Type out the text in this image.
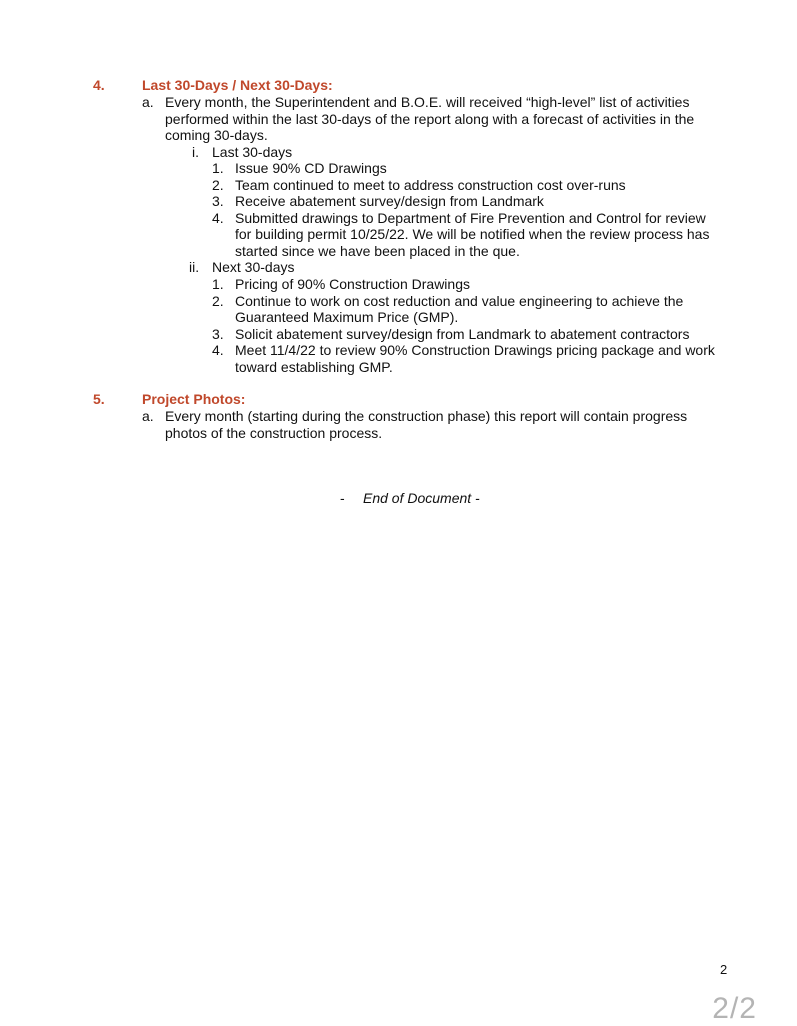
4.	Last 30-Days / Next 30-Days:
a. Every month, the Superintendent and B.O.E. will received “high-level” list of activities
performed within the last 30-days of the report along with a forecast of activities in the
coming 30-days.
i. Last 30-days
1. Issue 90% CD Drawings
2. Team continued to meet to address construction cost over-runs
3. Receive abatement survey/design from Landmark
4. Submitted drawings to Department of Fire Prevention and Control for review
for building permit 10/25/22. We will be notified when the review process has
started since we have been placed in the que.
ii. Next 30-days
1. Pricing of 90% Construction Drawings
2. Continue to work on cost reduction and value engineering to achieve the
Guaranteed Maximum Price (GMP).
3. Solicit abatement survey/design from Landmark to abatement contractors
4. Meet 11/4/22 to review 90% Construction Drawings pricing package and work
toward establishing GMP.
5.	Project Photos:
a. Every month (starting during the construction phase) this report will contain progress
photos of the construction process.
- End of Document -
2
2/2
